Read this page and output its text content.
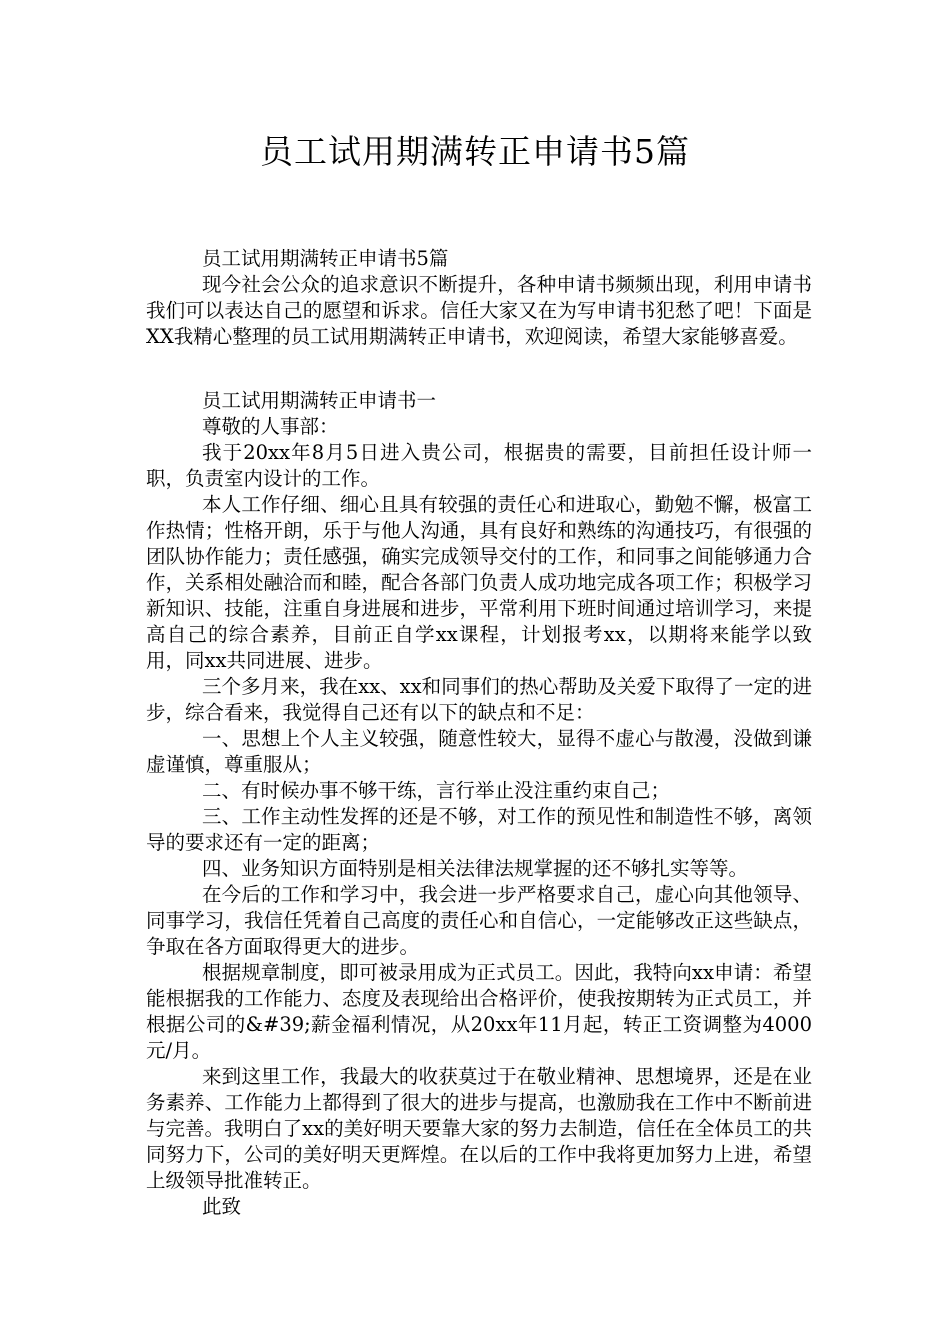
员工试用期满转正申请书5篇

员工试用期满转正申请书5篇

现今社会公众的追求意识不断提升，各种申请书频频出现，利用申请书我们可以表达自己的愿望和诉求。信任大家又在为写申请书犯愁了吧！下面是XX我精心整理的员工试用期满转正申请书，欢迎阅读，希望大家能够喜爱。

员工试用期满转正申请书一

尊敬的人事部：

我于20xx年8月5日进入贵公司，根据贵的需要，目前担任设计师一职，负责室内设计的工作。

本人工作仔细、细心且具有较强的责任心和进取心，勤勉不懈，极富工作热情；性格开朗，乐于与他人沟通，具有良好和熟练的沟通技巧，有很强的团队协作能力；责任感强，确实完成领导交付的工作，和同事之间能够通力合作，关系相处融洽而和睦，配合各部门负责人成功地完成各项工作；积极学习新知识、技能，注重自身进展和进步，平常利用下班时间通过培训学习，来提高自己的综合素养，目前正自学xx课程，计划报考xx，以期将来能学以致用，同xx共同进展、进步。

三个多月来，我在xx、xx和同事们的热心帮助及关爱下取得了一定的进步，综合看来，我觉得自己还有以下的缺点和不足：

一、思想上个人主义较强，随意性较大，显得不虚心与散漫，没做到谦虚谨慎，尊重服从；

二、有时候办事不够干练，言行举止没注重约束自己；

三、工作主动性发挥的还是不够，对工作的预见性和制造性不够，离领导的要求还有一定的距离；

四、业务知识方面特别是相关法律法规掌握的还不够扎实等等。

在今后的工作和学习中，我会进一步严格要求自己，虚心向其他领导、同事学习，我信任凭着自己高度的责任心和自信心，一定能够改正这些缺点，争取在各方面取得更大的进步。

根据规章制度，即可被录用成为正式员工。因此，我特向xx申请：希望能根据我的工作能力、态度及表现给出合格评价，使我按期转为正式员工，并根据公司的&#39;薪金福利情况，从20xx年11月起，转正工资调整为4000元/月。

来到这里工作，我最大的收获莫过于在敬业精神、思想境界，还是在业务素养、工作能力上都得到了很大的进步与提高，也激励我在工作中不断前进与完善。我明白了xx的美好明天要靠大家的努力去制造，信任在全体员工的共同努力下，公司的美好明天更辉煌。在以后的工作中我将更加努力上进，希望上级领导批准转正。

此致
